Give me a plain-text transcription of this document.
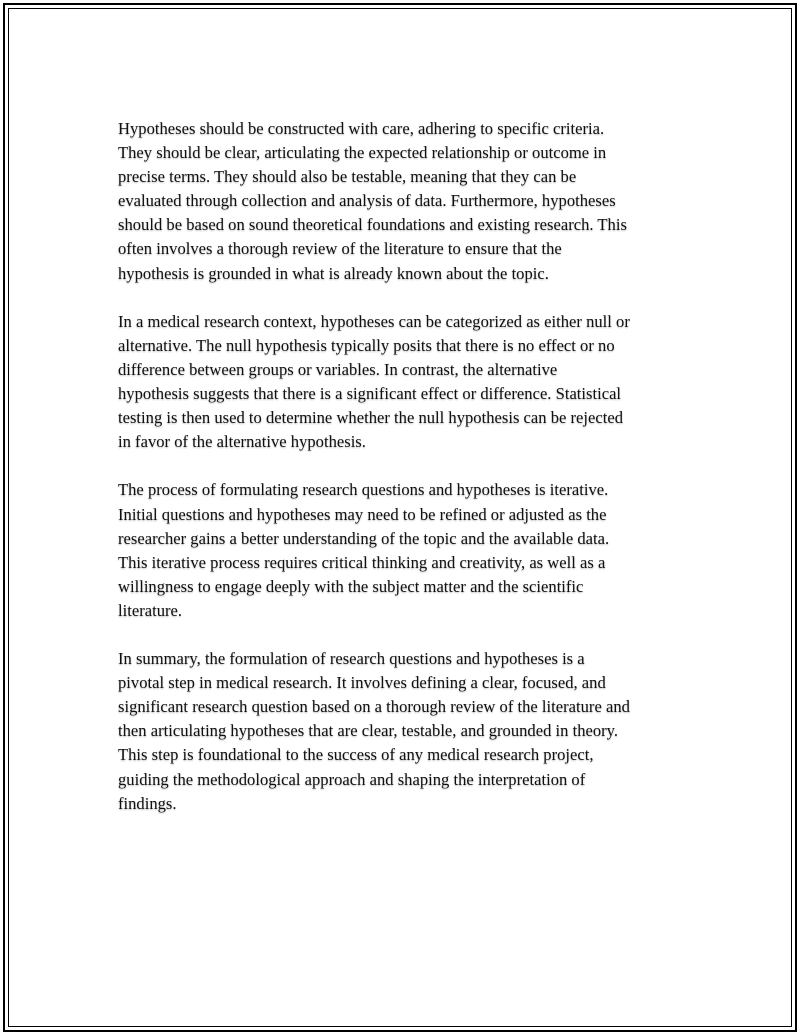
Hypotheses should be constructed with care, adhering to specific criteria.
They should be clear, articulating the expected relationship or outcome in
precise terms. They should also be testable, meaning that they can be
evaluated through collection and analysis of data. Furthermore, hypotheses
should be based on sound theoretical foundations and existing research. This
often involves a thorough review of the literature to ensure that the
hypothesis is grounded in what is already known about the topic.

In a medical research context, hypotheses can be categorized as either null or
alternative. The null hypothesis typically posits that there is no effect or no
difference between groups or variables. In contrast, the alternative
hypothesis suggests that there is a significant effect or difference. Statistical
testing is then used to determine whether the null hypothesis can be rejected
in favor of the alternative hypothesis.

The process of formulating research questions and hypotheses is iterative.
Initial questions and hypotheses may need to be refined or adjusted as the
researcher gains a better understanding of the topic and the available data.
This iterative process requires critical thinking and creativity, as well as a
willingness to engage deeply with the subject matter and the scientific
literature.

In summary, the formulation of research questions and hypotheses is a
pivotal step in medical research. It involves defining a clear, focused, and
significant research question based on a thorough review of the literature and
then articulating hypotheses that are clear, testable, and grounded in theory.
This step is foundational to the success of any medical research project,
guiding the methodological approach and shaping the interpretation of
findings.
